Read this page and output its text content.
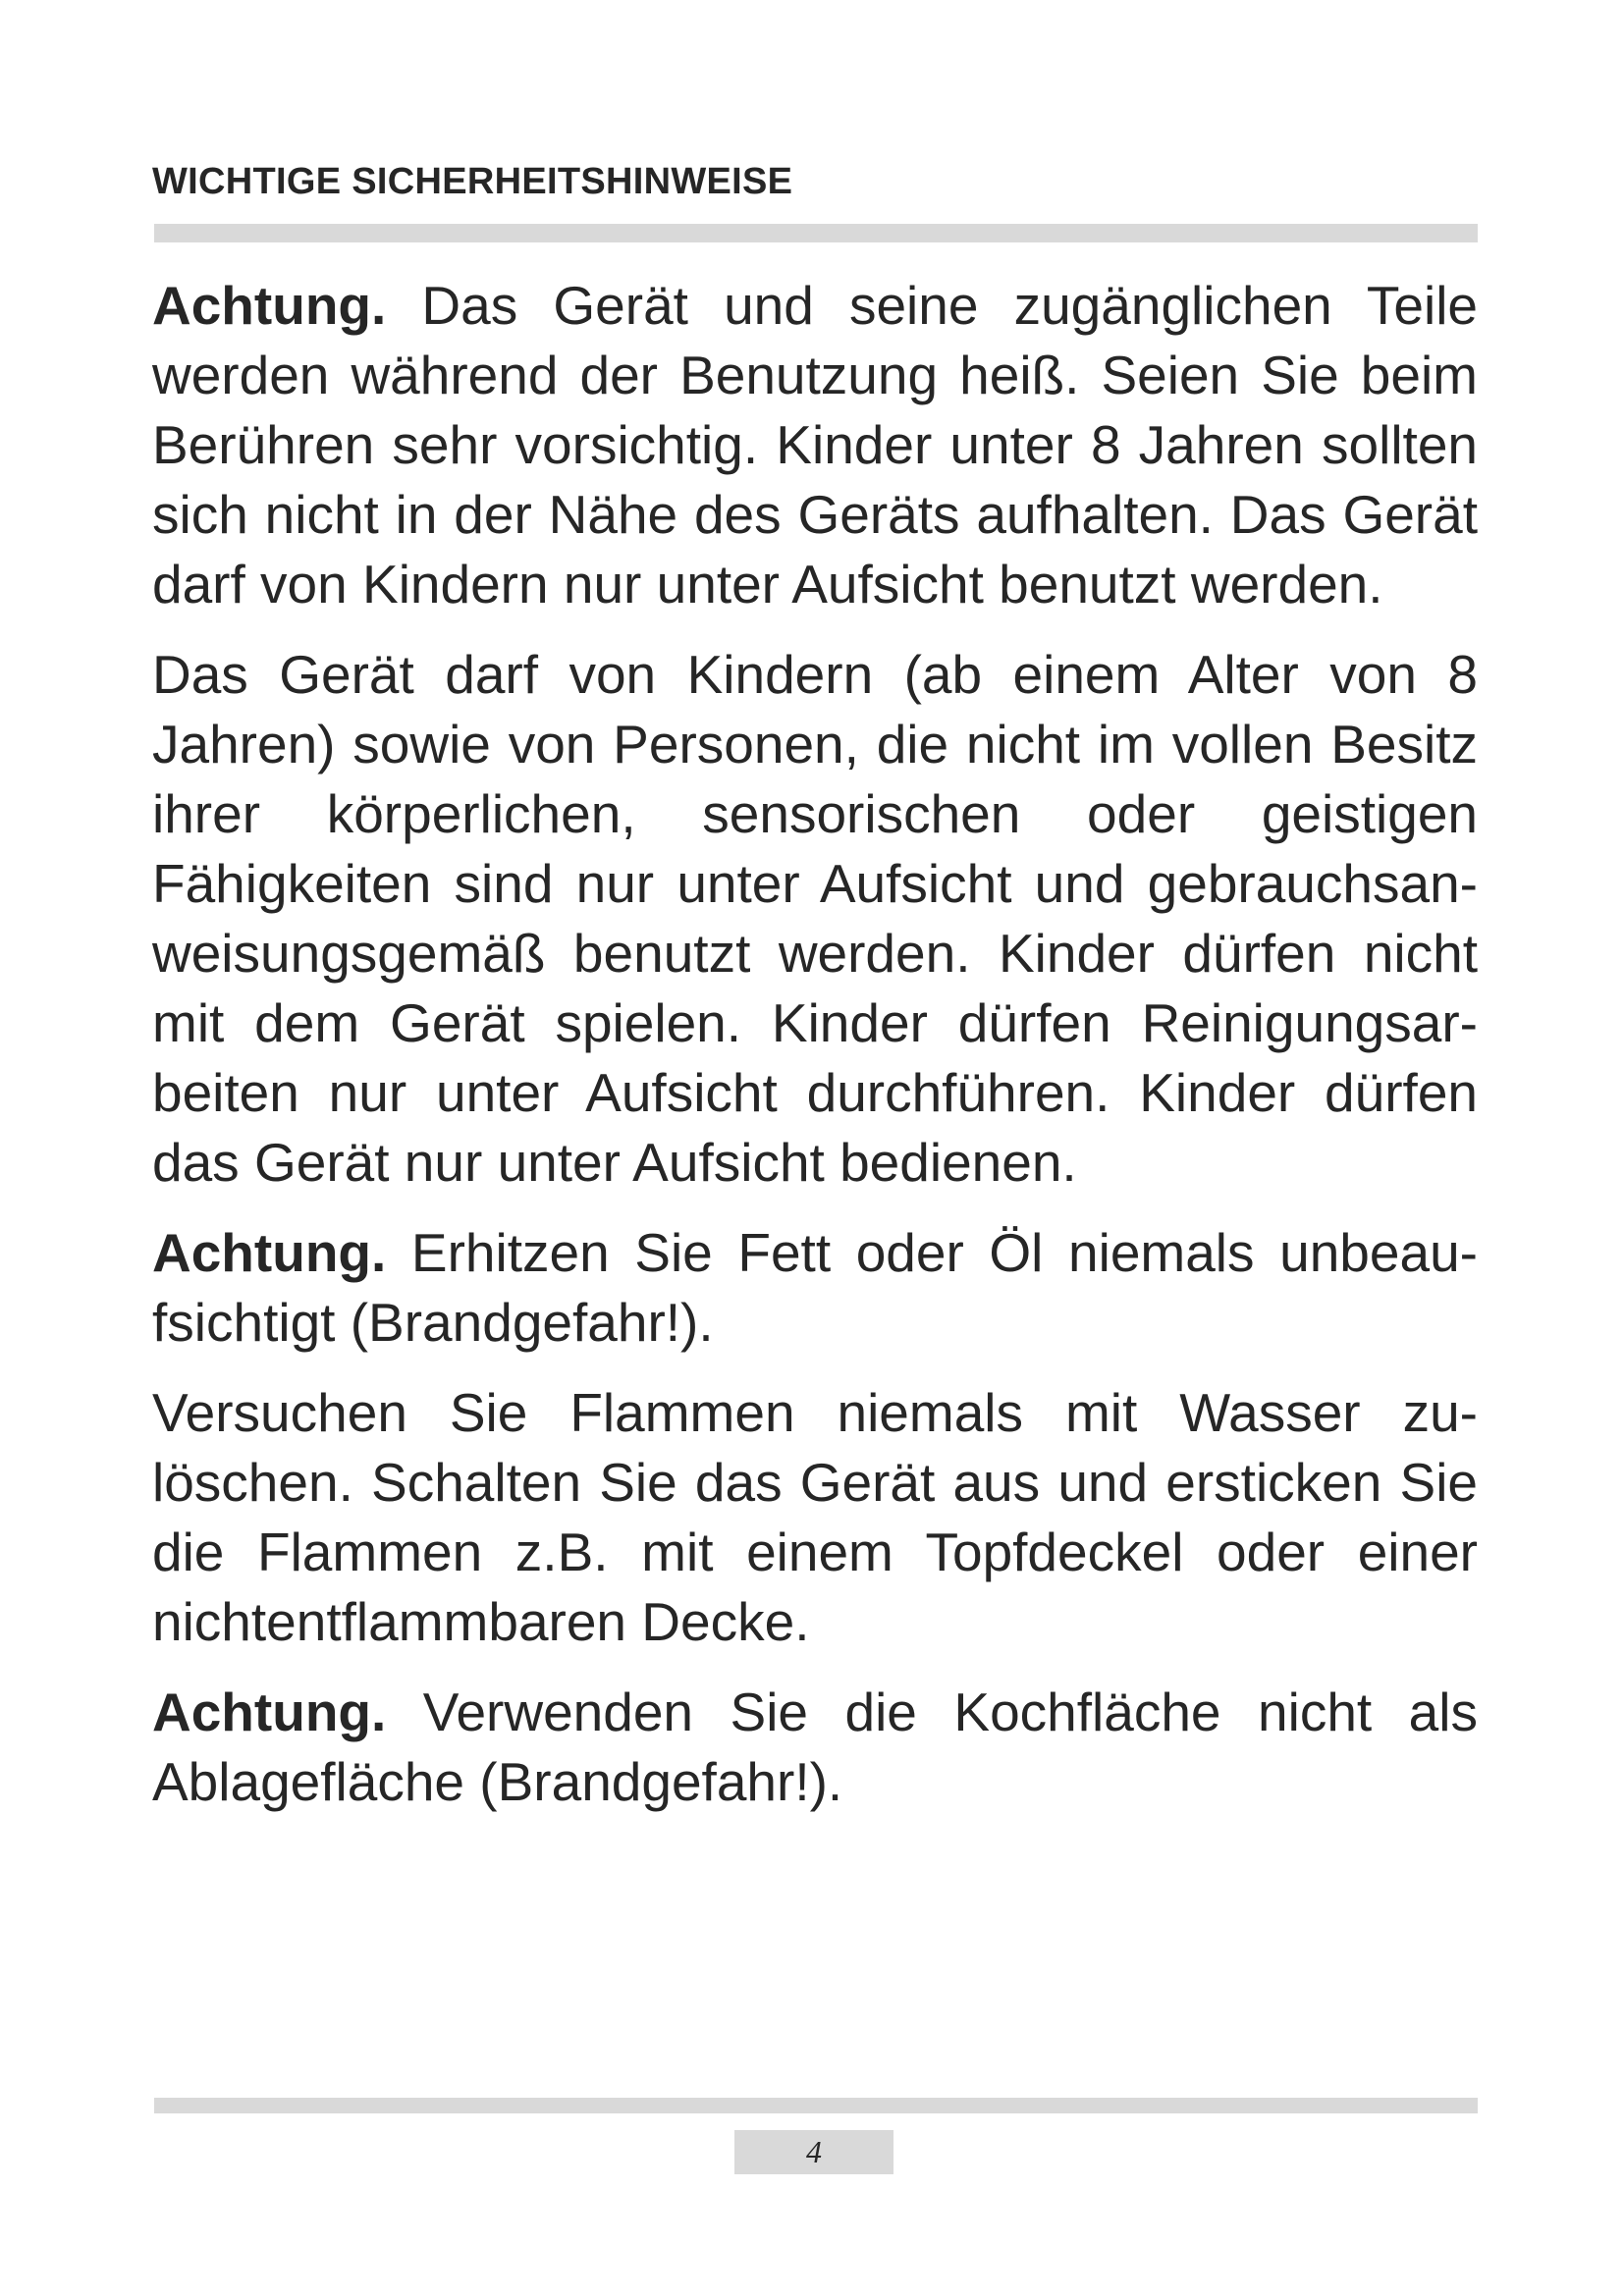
WICHTIGE SICHERHEITSHINWEISE

Achtung. Das Gerät und seine zugänglichen Teile werden während der Benutzung heiß. Seien Sie beim Berühren sehr vorsichtig. Kinder unter 8 Jahren sollten sich nicht in der Nähe des Geräts aufhalten. Das Gerät darf von Kindern nur unter Aufsicht benutzt werden.

Das Gerät darf von Kindern (ab einem Alter von 8 Jahren) sowie von Personen, die nicht im vollen Besitz ihrer körperlichen, sensorischen oder geistigen Fähigkeiten sind nur unter Aufsicht und gebrauchsanweisungsgemäß benutzt werden. Kinder dürfen nicht mit dem Gerät spielen. Kinder dürfen Reinigungsarbeiten nur unter Aufsicht durchführen. Kinder dürfen das Gerät nur unter Aufsicht bedienen.

Achtung. Erhitzen Sie Fett oder Öl niemals unbeaufsichtigt (Brandgefahr!).

Versuchen Sie Flammen niemals mit Wasser zulöschen. Schalten Sie das Gerät aus und ersticken Sie die Flammen z.B. mit einem Topfdeckel oder einer nichtentflammbaren Decke.

Achtung. Verwenden Sie die Kochfläche nicht als Ablagefläche (Brandgefahr!).

4
